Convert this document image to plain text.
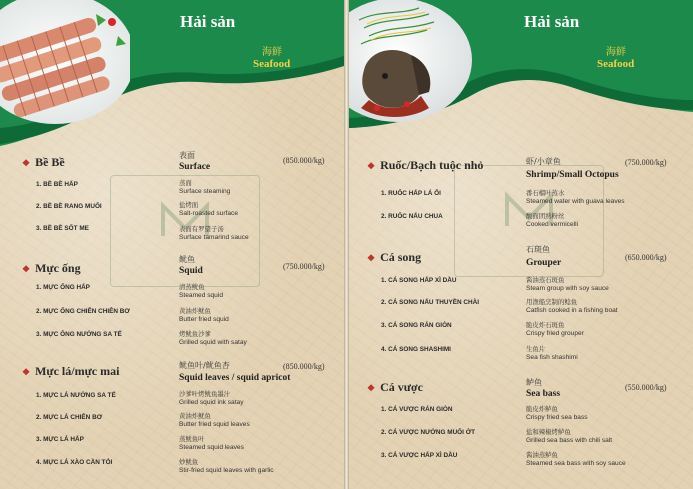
Hải sản
海鲜
Seafood
❖ Bề Bề	表面
Surface
(850.000/kg)
1. BỀ BỀ HẤP	蒸面
Surface steaming
2. BỀ BỀ RANG MUỐI	盐烤面
Salt-roasted surface
3. BỀ BỀ SỐT ME	表面有罗望子汤
Surface tamarind sauce
❖ Mực ống
鱿鱼
Squid	(750.000/kg)
1. MỰC ỐNG HẤP	清蒸鱿鱼
Steamed squid
2. MỰC ỐNG CHIÊN CHIÊN BƠ	黄油炸鱿鱼
Butter fried squid
3. MỰC ỐNG NƯỚNG SA TẾ	烤鱿鱼沙爹
Grilled squid with satay
❖ Mực lá/mực mai	鱿鱼叶/鱿鱼杏
Squid leaves / squid apricot
(850.000/kg)
1. MỰC LÁ NƯỚNG SA TẾ	沙爹叶烤鱿鱼墨汁
Grilled squid ink satay
2. MỰC LÁ CHIÊN BƠ	黄油炸鱿鱼
Butter fried squid leaves
3. MỰC LÁ HẤP	蒸鱿鱼叶
Steamed squid leaves
4. MỰC LÁ XÀO CẦN TỎI	炒鱿鱼
Stir-fried squid leaves with garlic
Hải sản
海鲜
Seafood
❖ Ruốc/Bạch tuộc nhỏ	虾/小章鱼
Shrimp/Small Octopus
(750.000/kg)
1. RUỐC HẤP LÁ ỔI	番石榴叶蒸水
Steamed water with guava leaves
2. RUỐC NẤU CHUA	酸面团熟粉丝
Cooked vermicelli
❖ Cá song
石斑鱼
Grouper
(650.000/kg)
1. CÁ SONG HẤP XÌ DẦU	酱油蒸石斑鱼
Steam group with soy sauce
2. CÁ SONG NẤU THUYỀN CHÀI	用渔船烹制的鲶鱼
Catfish cooked in a fishing boat
3. CÁ SONG RÁN GIÒN	脆皮炸石斑鱼
Crispy fried grouper
4. CÁ SONG SHASHIMI	生鱼片
Sea fish shashimi
❖ Cá vược	鲈鱼
Sea bass
(550.000/kg)
1. CÁ VƯỢC RÁN GIÒN	脆皮炸鲈鱼
Crispy fried sea bass
2. CÁ VƯỢC NƯỚNG MUỐI ỚT	盐和辣椒烤鲈鱼
Grilled sea bass with chili salt
3. CÁ VƯỢC HẤP XÌ DẦU	酱油蒸鲈鱼
Steamed sea bass with soy sauce
